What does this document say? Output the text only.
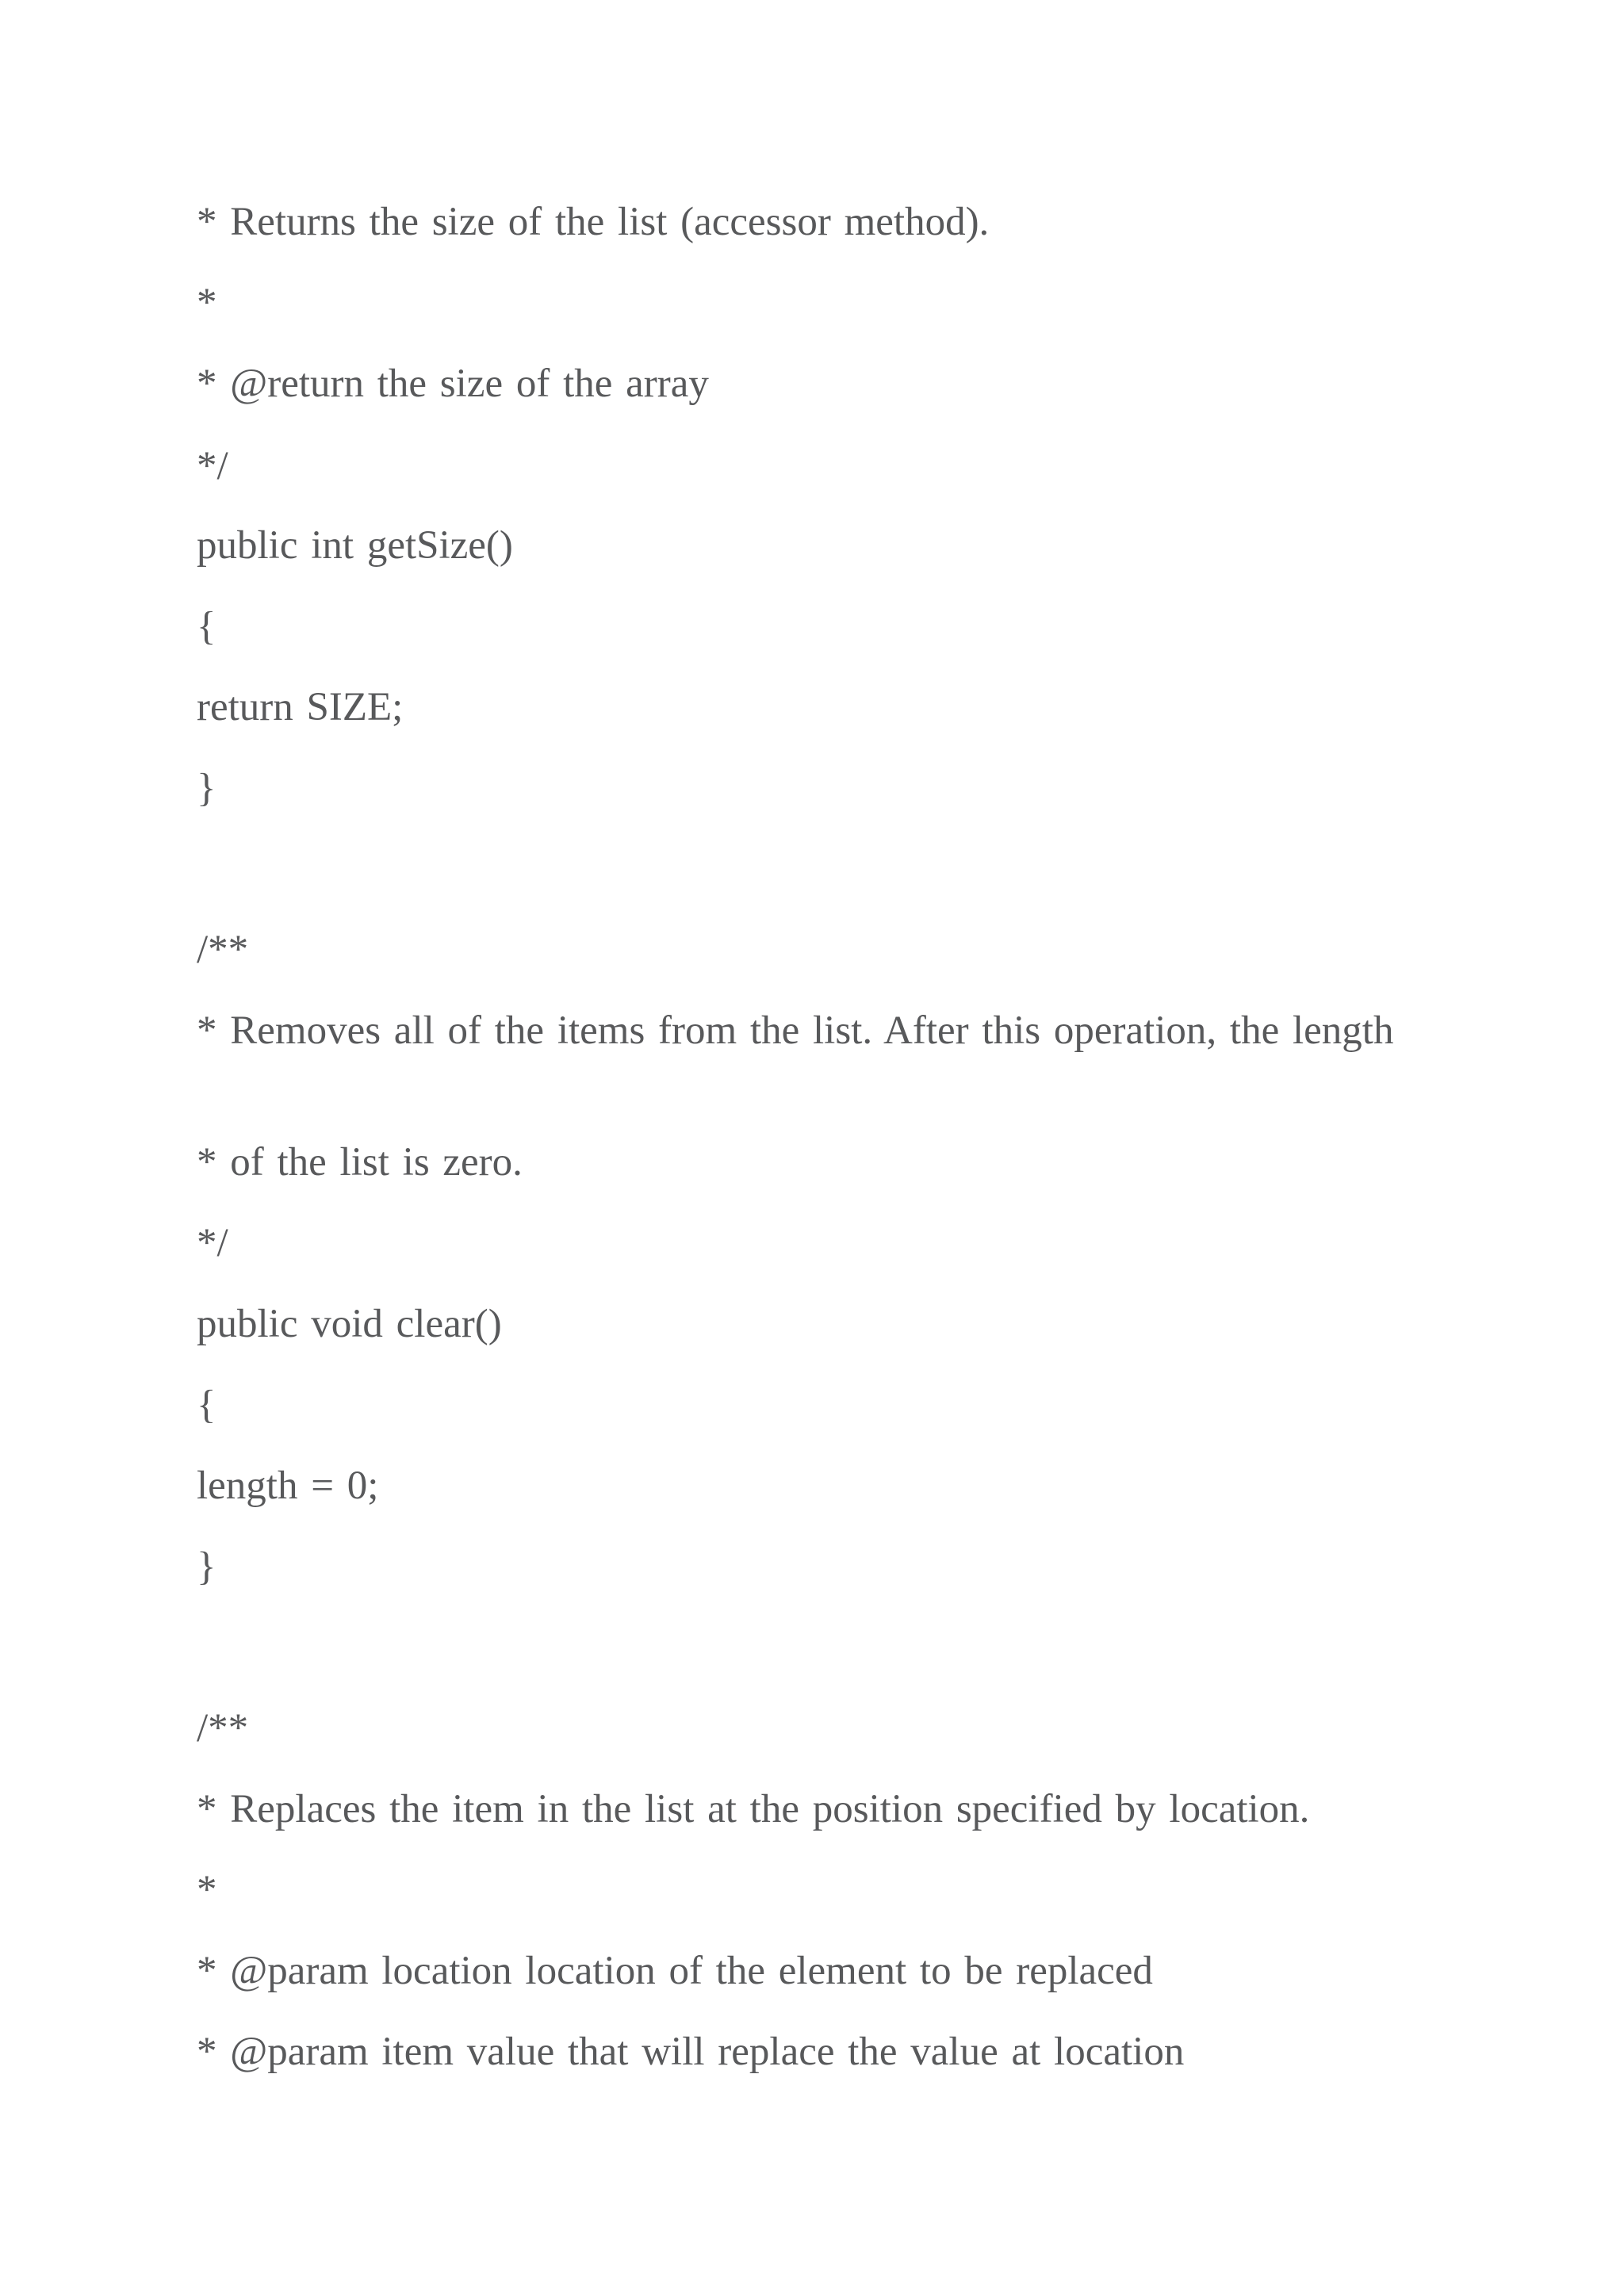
* Returns the size of the list (accessor method).

*

* @return the size of the array

*/

public int getSize()

{

return SIZE;

}

/**

* Removes all of the items from the list. After this operation, the length

* of the list is zero.

*/

public void clear()

{

length = 0;

}

/**

* Replaces the item in the list at the position specified by location.

*

* @param location location of the element to be replaced

* @param item value that will replace the value at location
